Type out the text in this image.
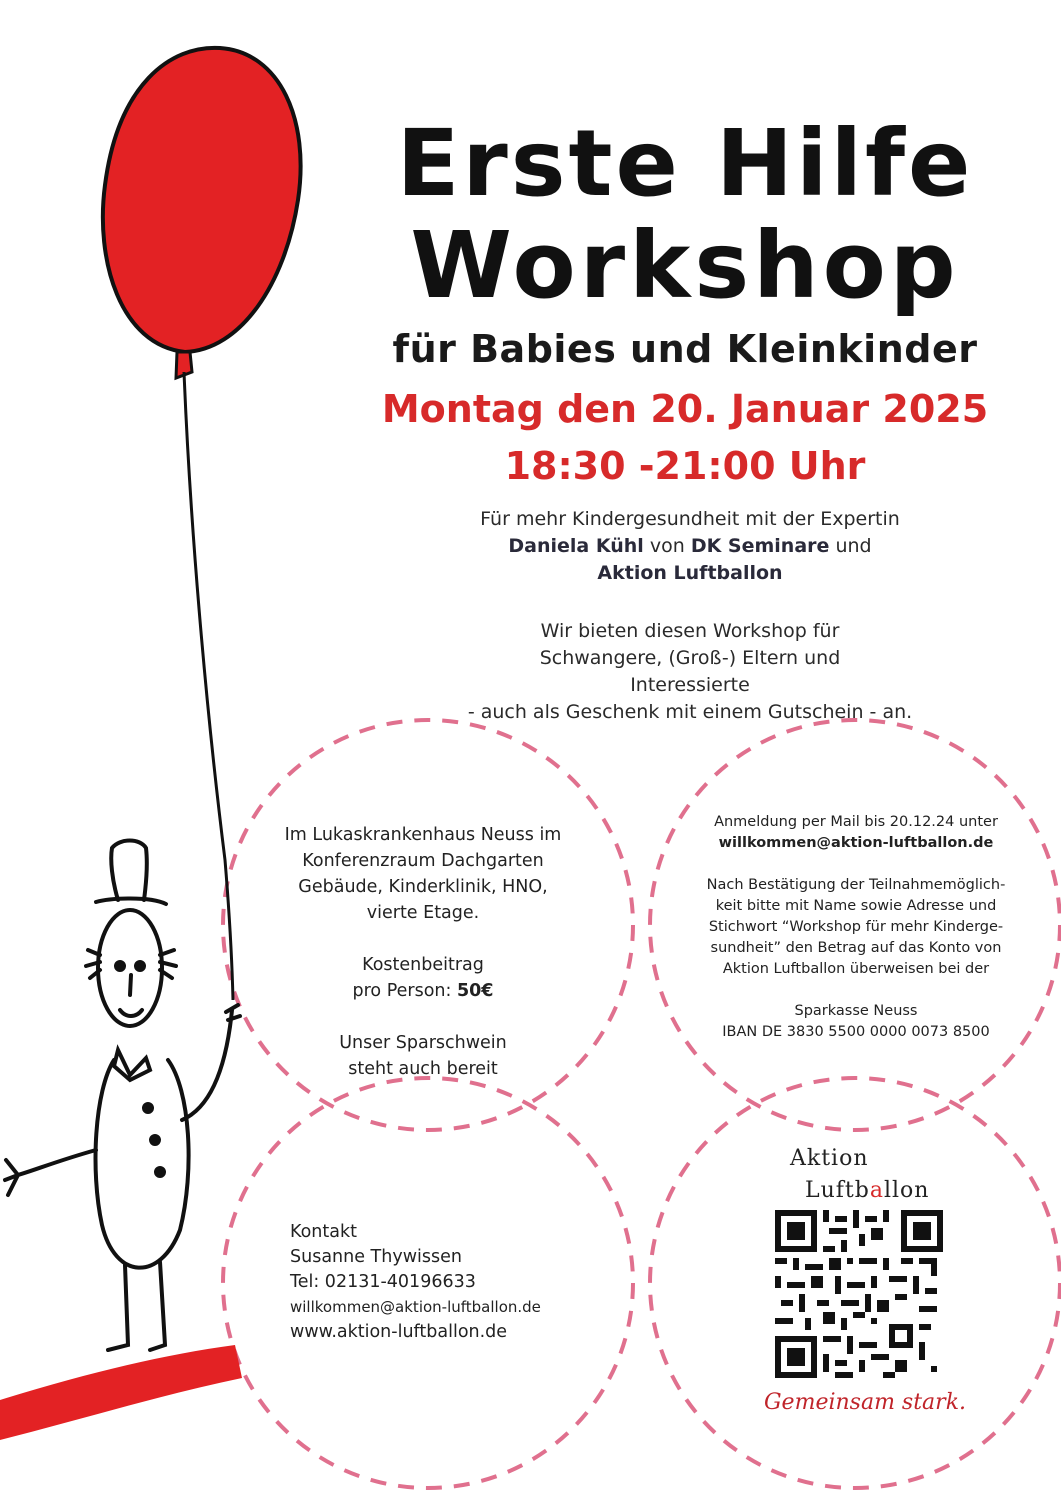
Erste Hilfe
Workshop
für Babies und Kleinkinder
Montag den 20. Januar 2025
18:30 -21:00 Uhr

Für mehr Kindergesundheit mit der Expertin

Daniela Kühl von DK Seminare und

Aktion Luftballon

Wir bieten diesen Workshop für

Schwangere, (Groß-) Eltern und

Interessierte

- auch als Geschenk mit einem Gutschein - an.

Im Lukaskrankenhaus Neuss im

Konferenzraum Dachgarten

Gebäude, Kinderklinik, HNO,

vierte Etage.

Kostenbeitrag

pro Person: 50€

Unser Sparschwein

steht auch bereit

Anmeldung per Mail bis 20.12.24 unter

willkommen@aktion-luftballon.de

Nach Bestätigung der Teilnahmemöglich-

keit bitte mit Name sowie Adresse und

Stichwort “Workshop für mehr Kinderge-

sundheit” den Betrag auf das Konto von

Aktion Luftballon überweisen bei der

Sparkasse Neuss

IBAN DE 3830 5500 0000 0073 8500

Kontakt

Susanne Thywissen

Tel: 02131-40196633

willkommen@aktion-luftballon.de

www.aktion-luftballon.de

Aktion
Luftballon
Gemeinsam stark.
